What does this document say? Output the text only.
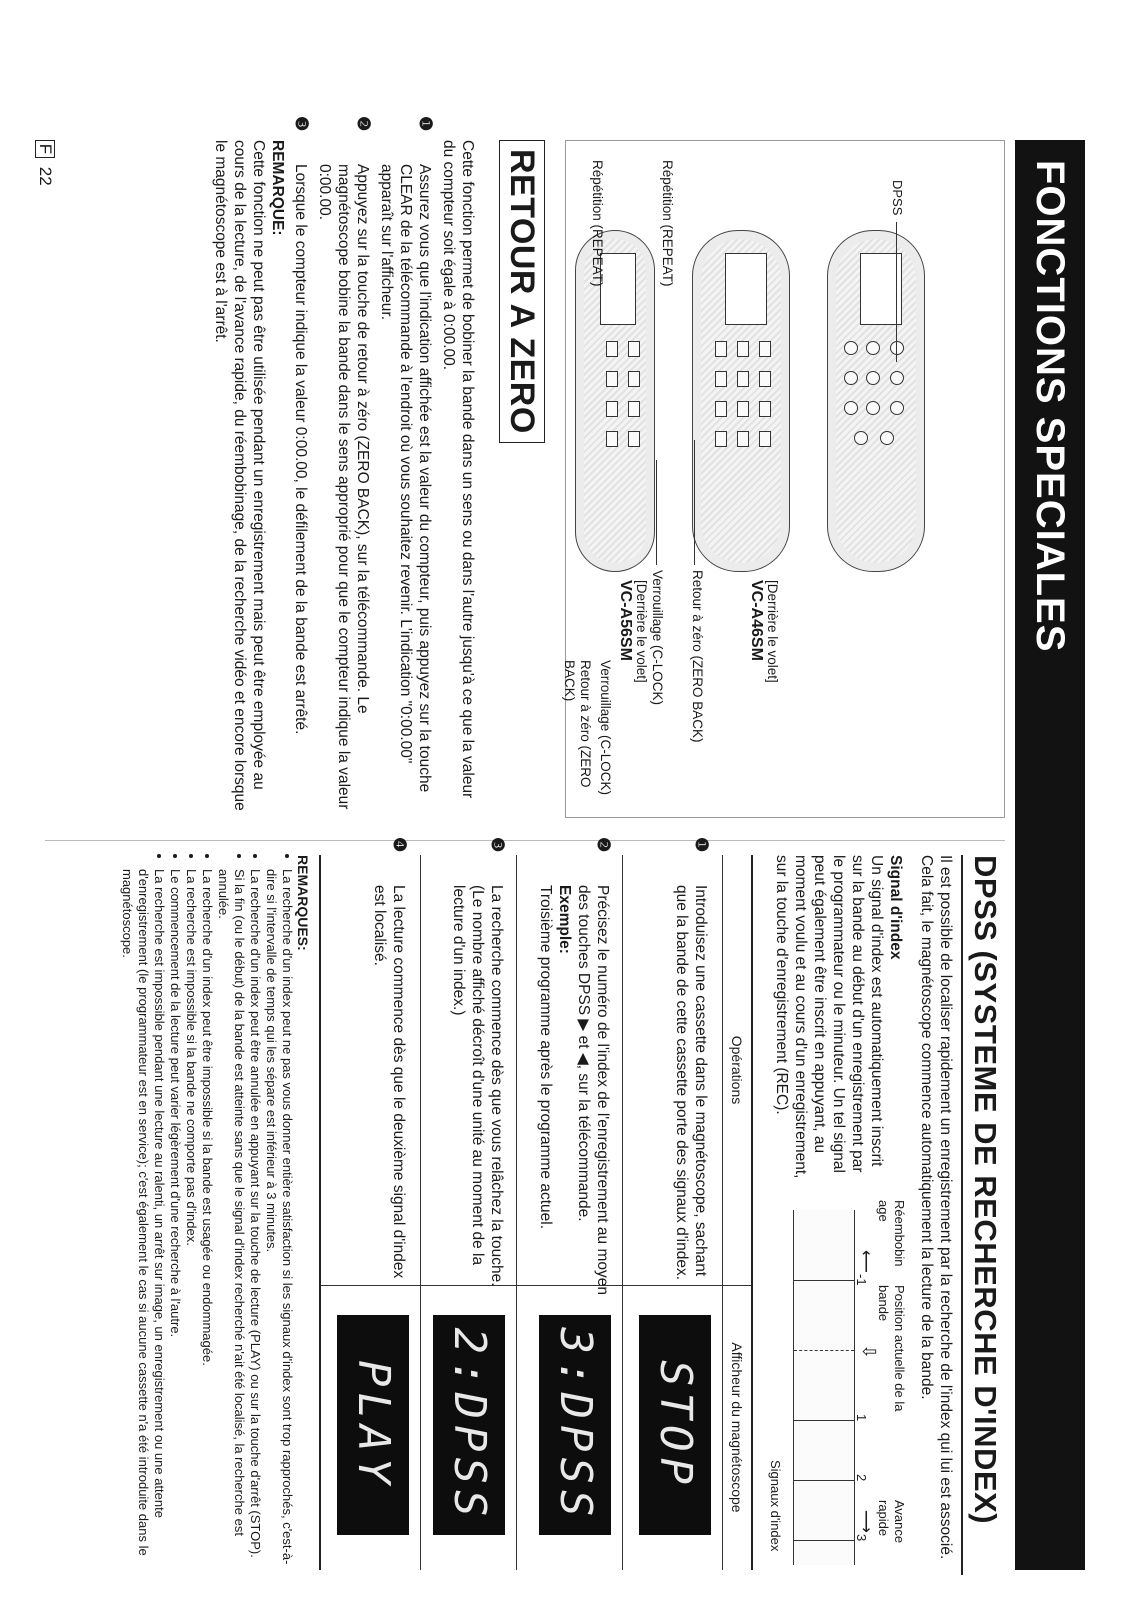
FONCTIONS SPECIALES
DPSS
[Derrière le volet]
VC-A46SM
Répétition (REPEAT)
Retour à zéro (ZERO BACK)
Verrouillage (C-LOCK)
[Derrière le volet]
VC-A56SM
Répétition (REPEAT)
Verrouillage (C-LOCK)
Retour à zéro (ZERO BACK)
RETOUR A ZERO

Cette fonction permet de bobiner la bande dans un sens ou dans l'autre jusqu'à ce que la valeur du compteur soit égale à 0:00.00.

❶Assurez vous que l'indication affichée est la valeur du compteur, puis appuyez sur la touche CLEAR de la télécommande à l'endroit où vous souhaitez revenir. L'indication "0:00.00" apparaît sur l'afficheur.
❷Appuyez sur la touche de retour à zéro (ZERO BACK), sur la télécommande. Le magnétoscope bobine la bande dans le sens approprié pour que le compteur indique la valeur 0:00.00.
❸Lorsque le compteur indique la valeur 0:00.00, le défilement de la bande est arrêté.
REMARQUE:
Cette fonction ne peut pas être utilisée pendant un enregistrement mais peut être employée au cours de la lecture, de l'avance rapide, du réembobinage, de la recherche vidéo et encore lorsque le magnétoscope est à l'arrêt.
F 22
DPSS (SYSTEME DE RECHERCHE D'INDEX)

Il est possible de localiser rapidement un enregistrement par la recherche de l'index qui lui est associé. Cela fait, le magnétoscope commence automatiquement la lecture de la bande.

Signal d'index
Un signal d'index est automatiquement inscrit sur la bande au début d'un enregistrement par le programmateur ou le minuteur. Un tel signal peut également être inscrit en appuyant, au moment voulu et au cours d'un enregistrement, sur la touche d'enregistrement (REC).
Réembobinage
Position actuelle de la bande
Avance rapide
⟵
⟶
-1
⇩
1
2
3
Signaux d'index
Opérations
Afficheur du magnétoscope
❶Introduisez une cassette dans le magnétoscope, sachant que la bande de cette cassette porte des signaux d'index.
STOP
❷Précisez le numéro de l'index de l'enregistrement au moyen des touches DPSS ▶ et ◀, sur la télécommande.
Exemple:
Troisième programme après le programme actuel.
3:DPSS
❸La recherche commence dès que vous relâchez la touche. (Le nombre affiché décroît d'une unité au moment de la lecture d'un index.)
2:DPSS
❹La lecture commence dès que le deuxième signal d'index est localisé.
PLAY
REMARQUES:
• La recherche d'un index peut ne pas vous donner entière satisfaction si les signaux d'index sont trop rapprochés, c'est-à-dire si l'intervalle de temps qui les sépare est inférieur à 3 minutes.
• La recherche d'un index peut être annulée en appuyant sur la touche de lecture (PLAY) ou sur la touche d'arrêt (STOP).
• Si la fin (ou le début) de la bande est atteinte sans que le signal d'index recherché n'ait été localisé, la recherche est annulée.
• La recherche d'un index peut être impossible si la bande est usagée ou endommagée.
• La recherche est impossible si la bande ne comporte pas d'index.
• Le commencement de la lecture peut varier légèrement d'une recherche à l'autre.
• La recherche est impossible pendant une lecture au ralenti, un arrêt sur image, un enregistrement ou une attente d'enregistrement (le programmateur est en service); c'est également le cas si aucune cassette n'a été introduite dans le magnétoscope.
